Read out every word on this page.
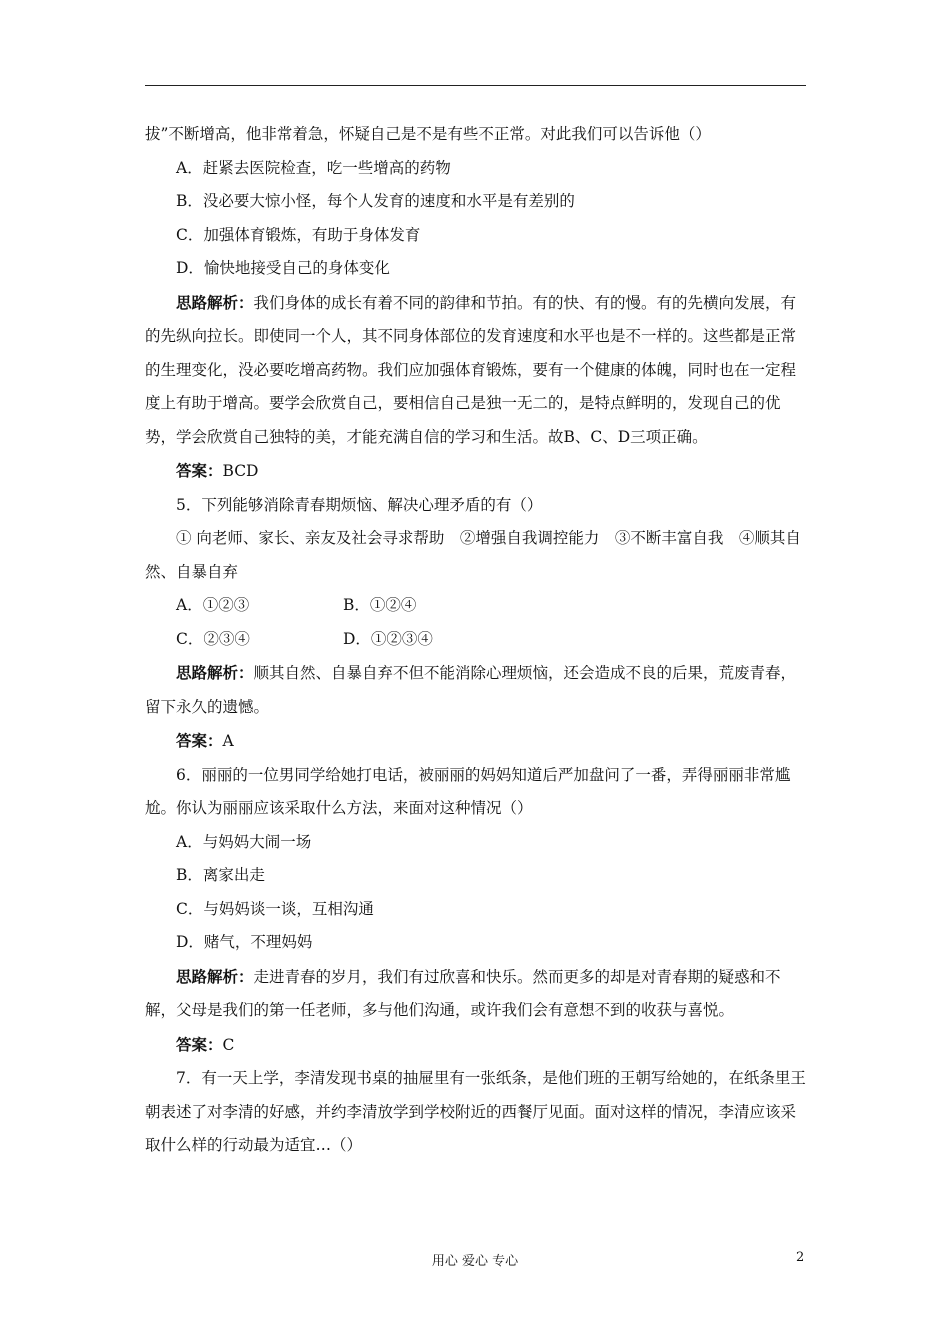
拔”不断增高，他非常着急，怀疑自己是不是有些不正常。对此我们可以告诉他（）

A．赶紧去医院检查，吃一些增高的药物

B．没必要大惊小怪，每个人发育的速度和水平是有差别的

C．加强体育锻炼，有助于身体发育

D．愉快地接受自己的身体变化

思路解析：我们身体的成长有着不同的韵律和节拍。有的快、有的慢。有的先横向发展，有的先纵向拉长。即使同一个人，其不同身体部位的发育速度和水平也是不一样的。这些都是正常的生理变化，没必要吃增高药物。我们应加强体育锻炼，要有一个健康的体魄，同时也在一定程度上有助于增高。要学会欣赏自己，要相信自己是独一无二的，是特点鲜明的，发现自己的优势，学会欣赏自己独特的美，才能充满自信的学习和生活。故B、C、D三项正确。

答案：BCD

5．下列能够消除青春期烦恼、解决心理矛盾的有（）

① 向老师、家长、亲友及社会寻求帮助　②增强自我调控能力　③不断丰富自我　④顺其自然、自暴自弃

A．①②③	B．①②④
C．②③④	D．①②③④

思路解析：顺其自然、自暴自弃不但不能消除心理烦恼，还会造成不良的后果，荒废青春，留下永久的遗憾。

答案：A

6．丽丽的一位男同学给她打电话，被丽丽的妈妈知道后严加盘问了一番，弄得丽丽非常尴尬。你认为丽丽应该采取什么方法，来面对这种情况（）

A．与妈妈大闹一场

B．离家出走

C．与妈妈谈一谈，互相沟通

D．赌气，不理妈妈

思路解析：走进青春的岁月，我们有过欣喜和快乐。然而更多的却是对青春期的疑惑和不解，父母是我们的第一任老师，多与他们沟通，或许我们会有意想不到的收获与喜悦。

答案：C

7．有一天上学，李清发现书桌的抽屉里有一张纸条，是他们班的王朝写给她的，在纸条里王朝表述了对李清的好感，并约李清放学到学校附近的西餐厅见面。面对这样的情况，李清应该采取什么样的行动最为适宜…（）

用心 爱心 专心	2
